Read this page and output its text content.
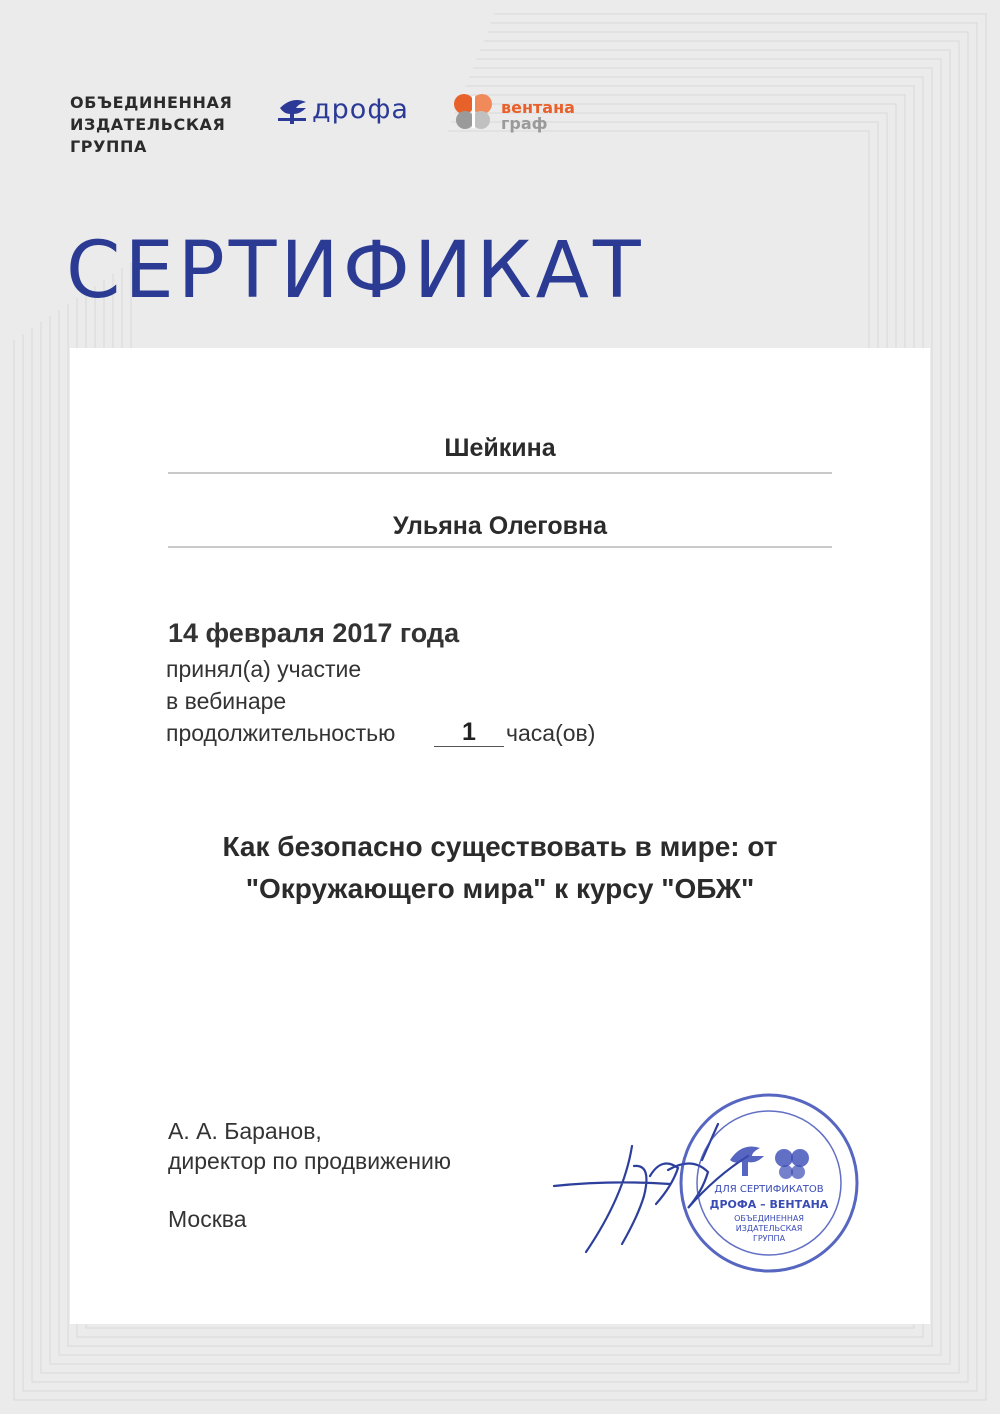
ОБЪЕДИНЕННАЯ
ИЗДАТЕЛЬСКАЯ
ГРУППА
дрофа	вентана
граф
СЕРТИФИКАТ
Шейкина
Ульяна Олеговна
14 февраля 2017 года
принял(а) участие
в вебинаре
продолжительностью	1	часа(ов)
Как безопасно существовать в мире: от
"Окружающего мира" к курсу "ОБЖ"
А. А. Баранов,
директор по продвижению
Москва
ДЛЯ СЕРТИФИКАТОВ
ДРОФА – ВЕНТАНА
ОБЪЕДИНЕННАЯ
ИЗДАТЕЛЬСКАЯ
ГРУППА
